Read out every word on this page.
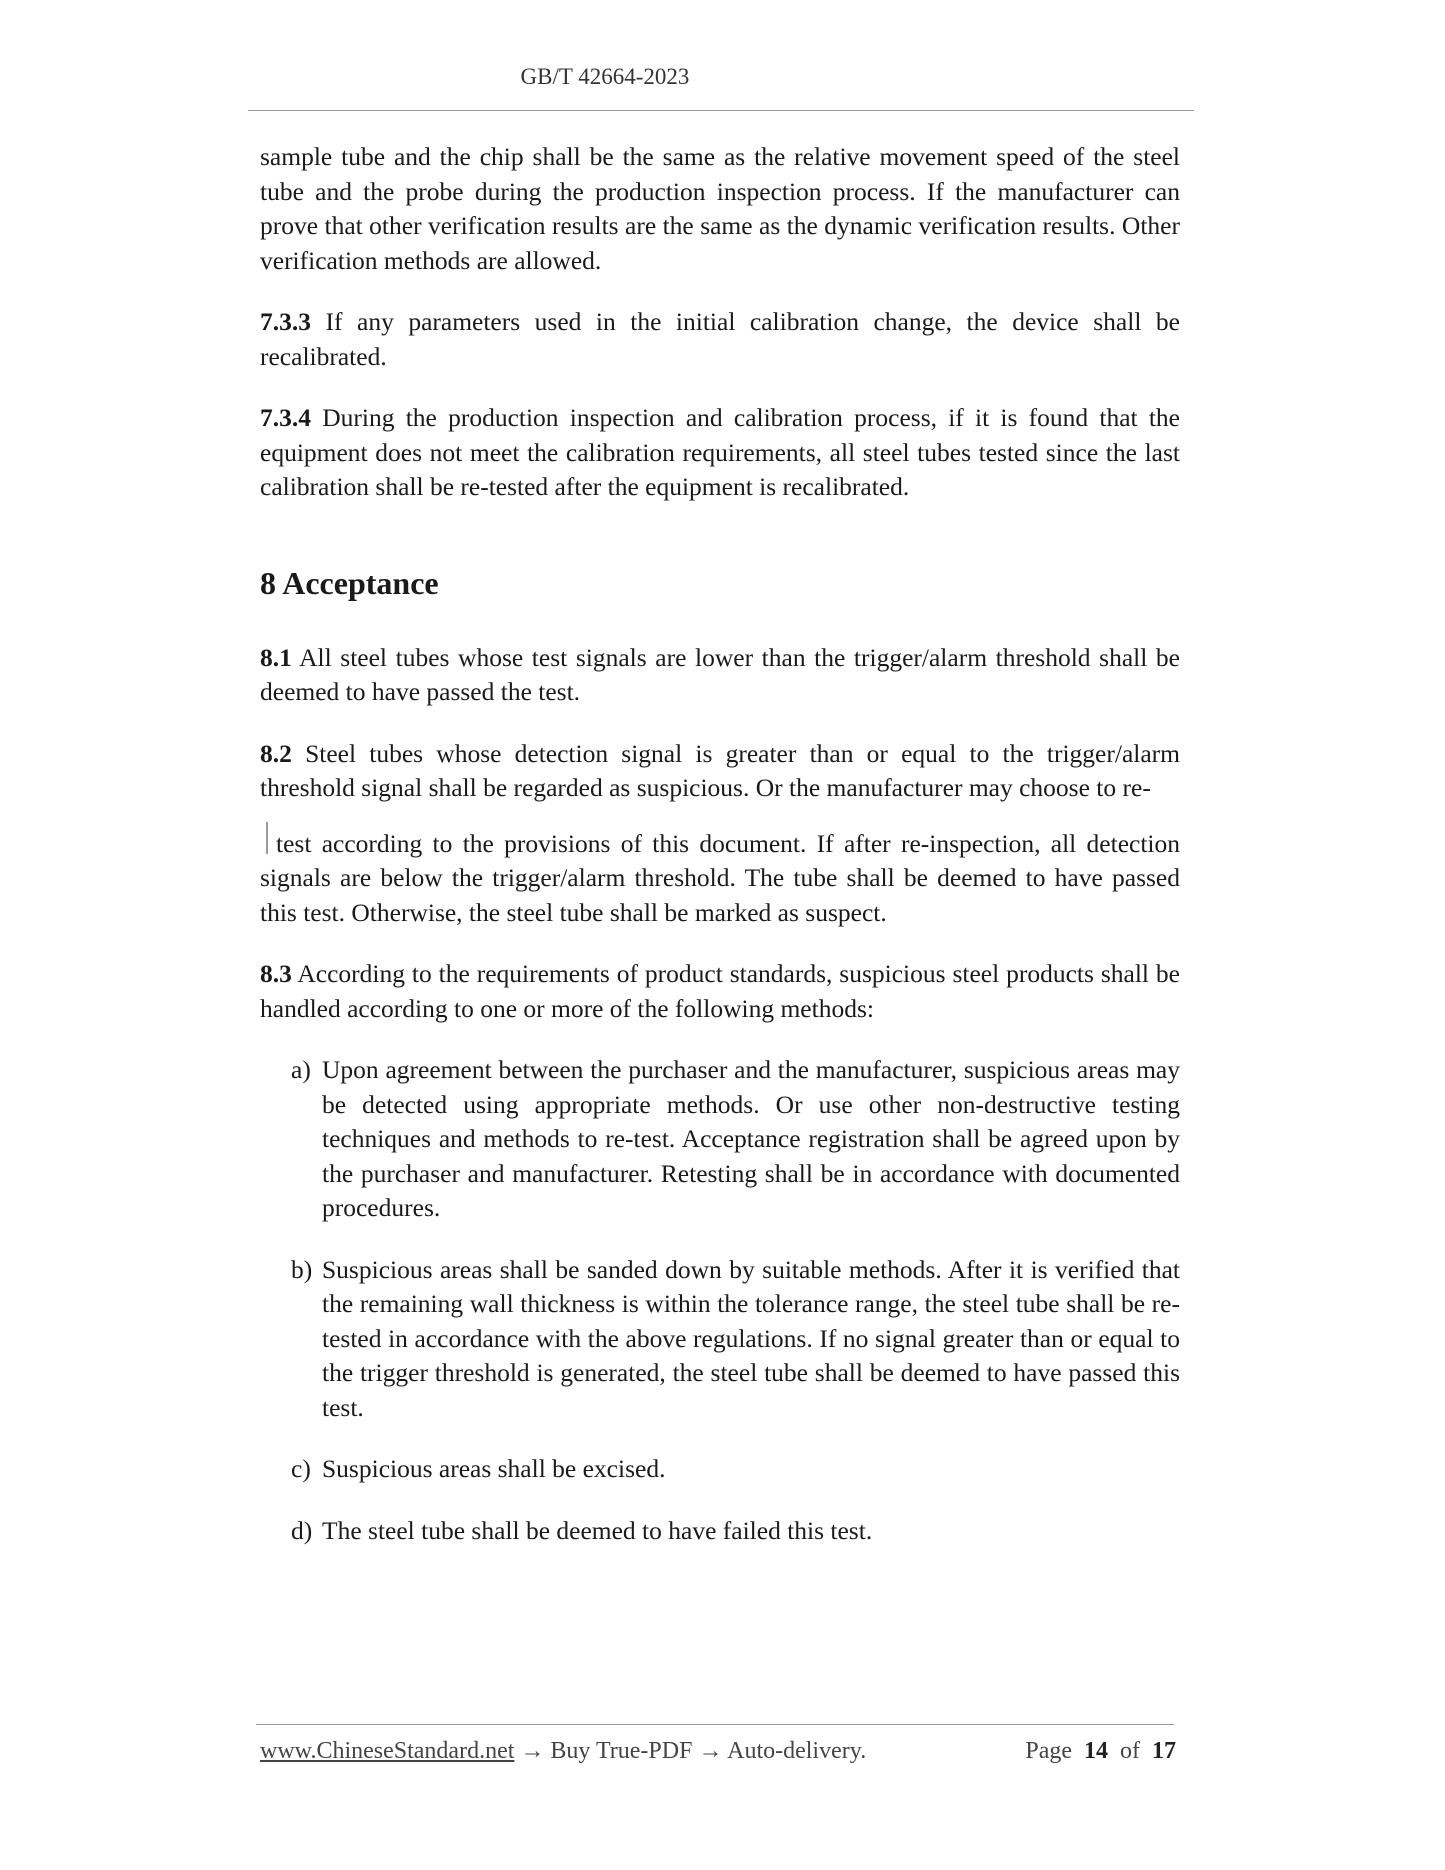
GB/T 42664-2023

sample tube and the chip shall be the same as the relative movement speed of the steel tube and the probe during the production inspection process. If the manufacturer can prove that other verification results are the same as the dynamic verification results. Other verification methods are allowed.

7.3.3 If any parameters used in the initial calibration change, the device shall be recalibrated.

7.3.4 During the production inspection and calibration process, if it is found that the equipment does not meet the calibration requirements, all steel tubes tested since the last calibration shall be re-tested after the equipment is recalibrated.

8 Acceptance

8.1 All steel tubes whose test signals are lower than the trigger/alarm threshold shall be deemed to have passed the test.

8.2 Steel tubes whose detection signal is greater than or equal to the trigger/alarm threshold signal shall be regarded as suspicious. Or the manufacturer may choose to re-

test according to the provisions of this document. If after re-inspection, all detection signals are below the trigger/alarm threshold. The tube shall be deemed to have passed this test. Otherwise, the steel tube shall be marked as suspect.

8.3 According to the requirements of product standards, suspicious steel products shall be handled according to one or more of the following methods:

a) Upon agreement between the purchaser and the manufacturer, suspicious areas may be detected using appropriate methods. Or use other non-destructive testing techniques and methods to re-test. Acceptance registration shall be agreed upon by the purchaser and manufacturer. Retesting shall be in accordance with documented procedures.

b) Suspicious areas shall be sanded down by suitable methods. After it is verified that the remaining wall thickness is within the tolerance range, the steel tube shall be re-tested in accordance with the above regulations. If no signal greater than or equal to the trigger threshold is generated, the steel tube shall be deemed to have passed this test.

c) Suspicious areas shall be excised.

d) The steel tube shall be deemed to have failed this test.

www.ChineseStandard.net → Buy True-PDF → Auto-delivery.	Page 14 of 17
